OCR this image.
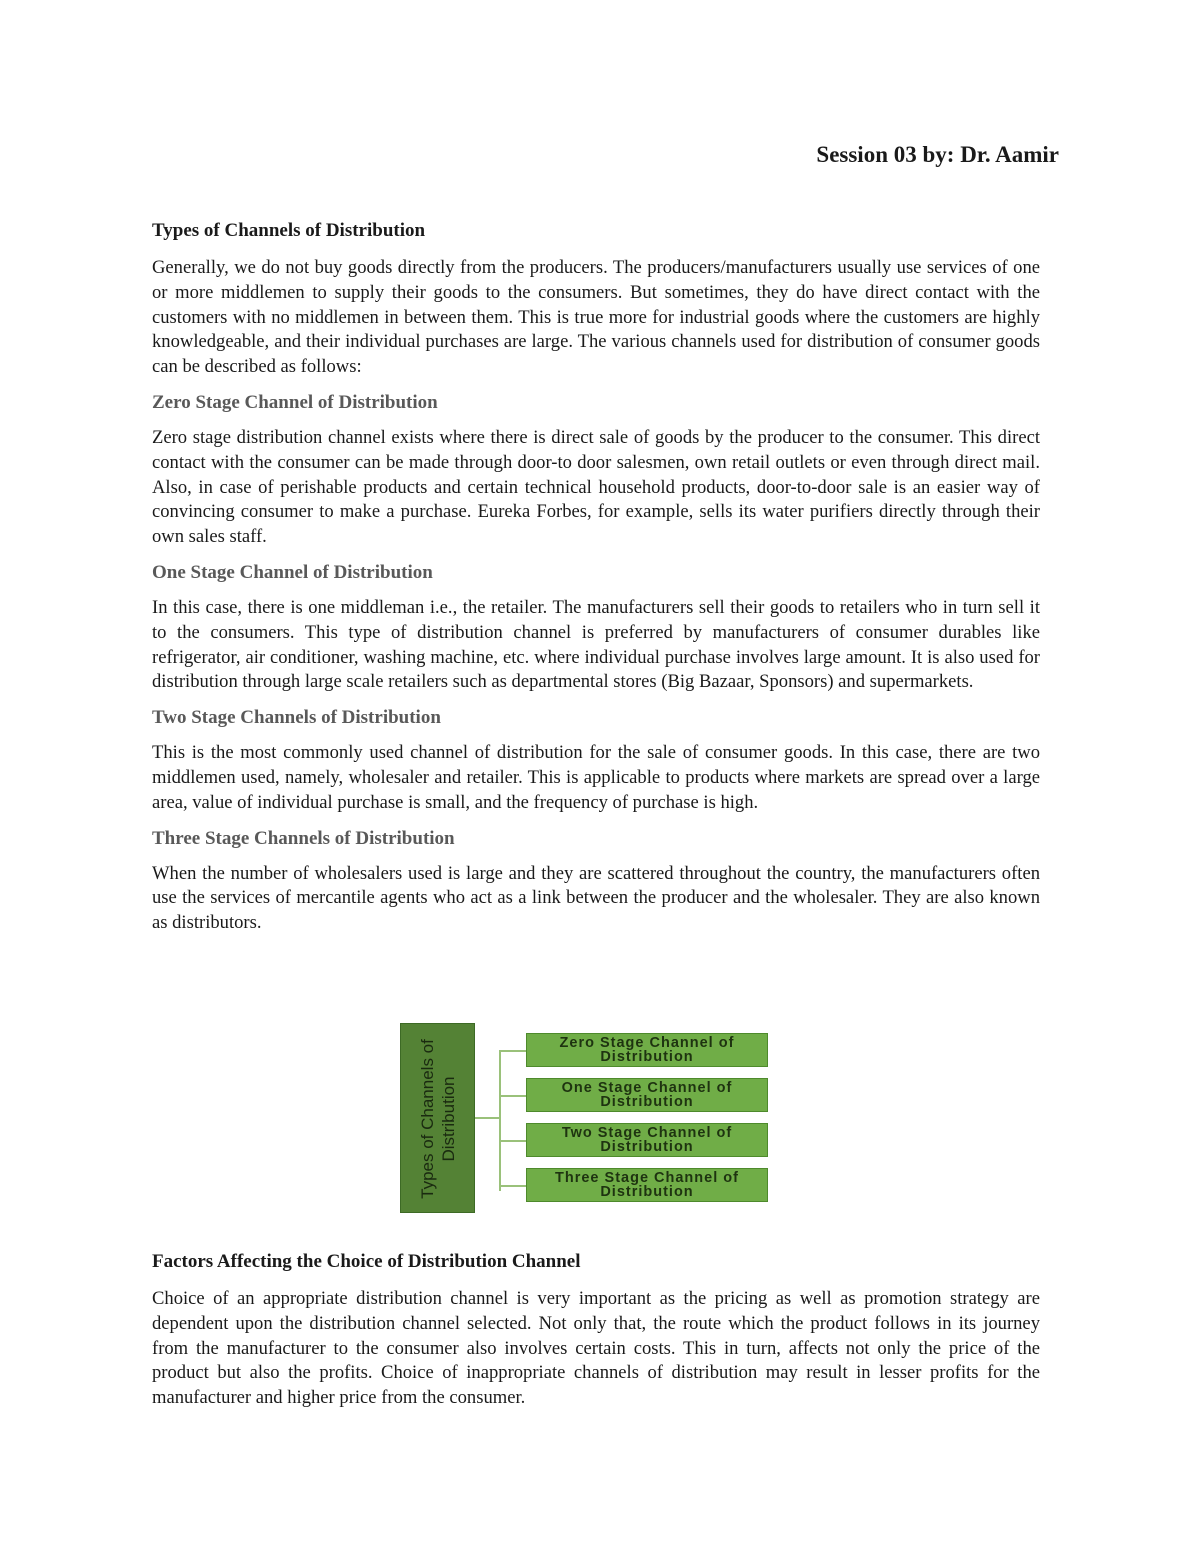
Session 03 by: Dr. Aamir
Types of Channels of Distribution
Generally, we do not buy goods directly from the producers. The producers/manufacturers usually use services of one or more middlemen to supply their goods to the consumers. But sometimes, they do have direct contact with the customers with no middlemen in between them. This is true more for industrial goods where the customers are highly knowledgeable, and their individual purchases are large. The various channels used for distribution of consumer goods can be described as follows:
Zero Stage Channel of Distribution
Zero stage distribution channel exists where there is direct sale of goods by the producer to the consumer. This direct contact with the consumer can be made through door-to door salesmen, own retail outlets or even through direct mail. Also, in case of perishable products and certain technical household products, door-to-door sale is an easier way of convincing consumer to make a purchase. Eureka Forbes, for example, sells its water purifiers directly through their own sales staff.
One Stage Channel of Distribution
In this case, there is one middleman i.e., the retailer. The manufacturers sell their goods to retailers who in turn sell it to the consumers. This type of distribution channel is preferred by manufacturers of consumer durables like refrigerator, air conditioner, washing machine, etc. where individual purchase involves large amount. It is also used for distribution through large scale retailers such as departmental stores (Big Bazaar, Sponsors) and supermarkets.
Two Stage Channels of Distribution
This is the most commonly used channel of distribution for the sale of consumer goods. In this case, there are two middlemen used, namely, wholesaler and retailer. This is applicable to products where markets are spread over a large area, value of individual purchase is small, and the frequency of purchase is high.
Three Stage Channels of Distribution
When the number of wholesalers used is large and they are scattered throughout the country, the manufacturers often use the services of mercantile agents who act as a link between the producer and the wholesaler. They are also known as distributors.
Types of Channels of Distribution
Zero Stage Channel of Distribution
One Stage Channel of Distribution
Two Stage Channel of Distribution
Three Stage Channel of Distribution
Factors Affecting the Choice of Distribution Channel
Choice of an appropriate distribution channel is very important as the pricing as well as promotion strategy are dependent upon the distribution channel selected. Not only that, the route which the product follows in its journey from the manufacturer to the consumer also involves certain costs. This in turn, affects not only the price of the product but also the profits. Choice of inappropriate channels of distribution may result in lesser profits for the manufacturer and higher price from the consumer.
